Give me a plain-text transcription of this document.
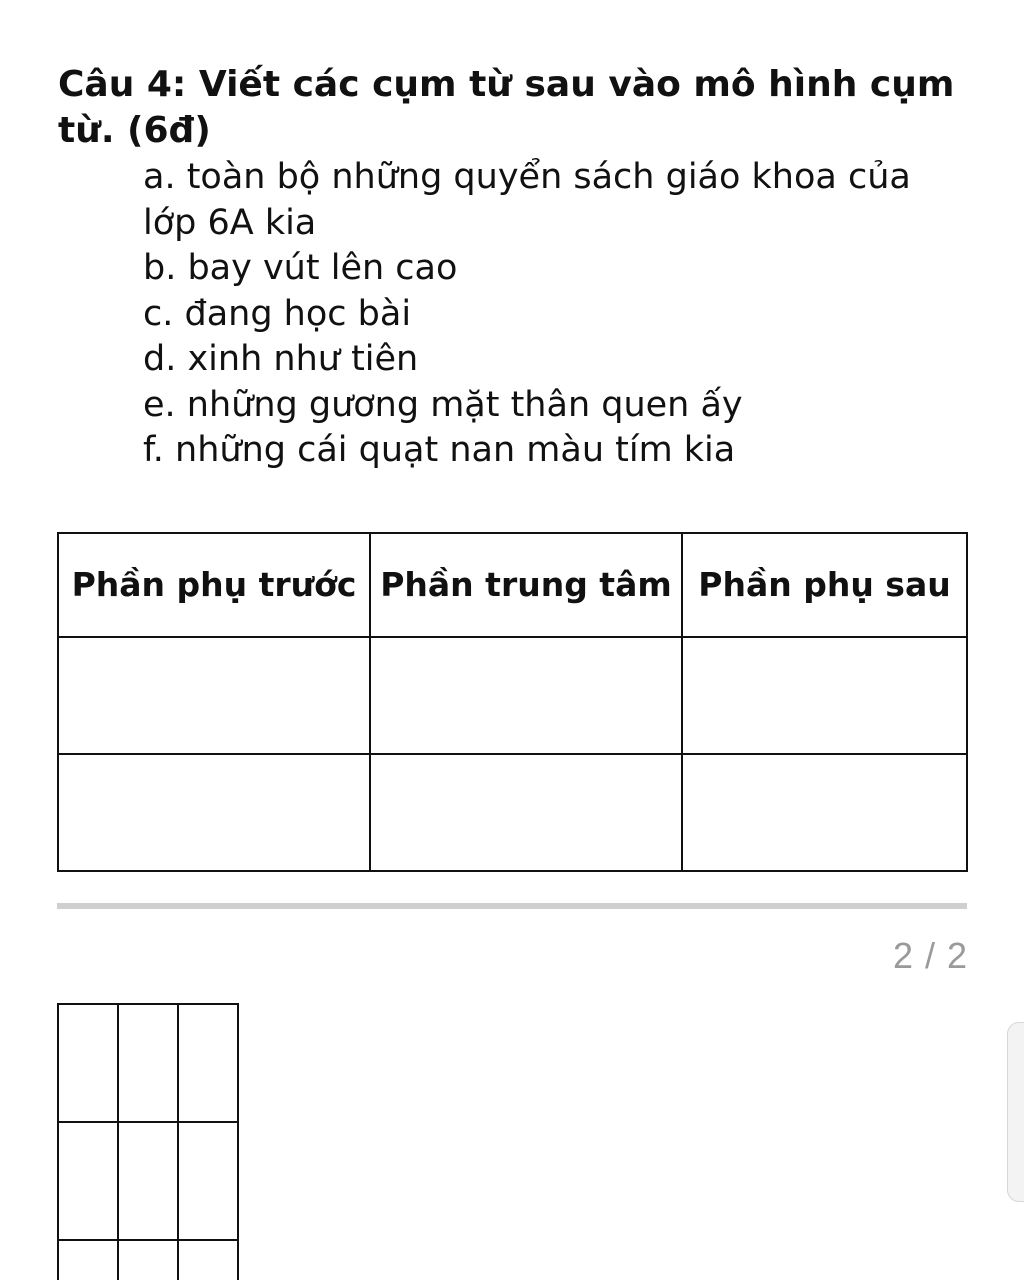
Câu 4: Viết các cụm từ sau vào mô hình cụm từ. (6đ)
a. toàn bộ những quyển sách giáo khoa của lớp 6A kia
b. bay vút lên cao
c. đang học bài
d. xinh như tiên
e. những gương mặt thân quen ấy
f. những cái quạt nan màu tím kia
Phần phụ trước	Phần trung tâm	Phần phụ sau

2 / 2
